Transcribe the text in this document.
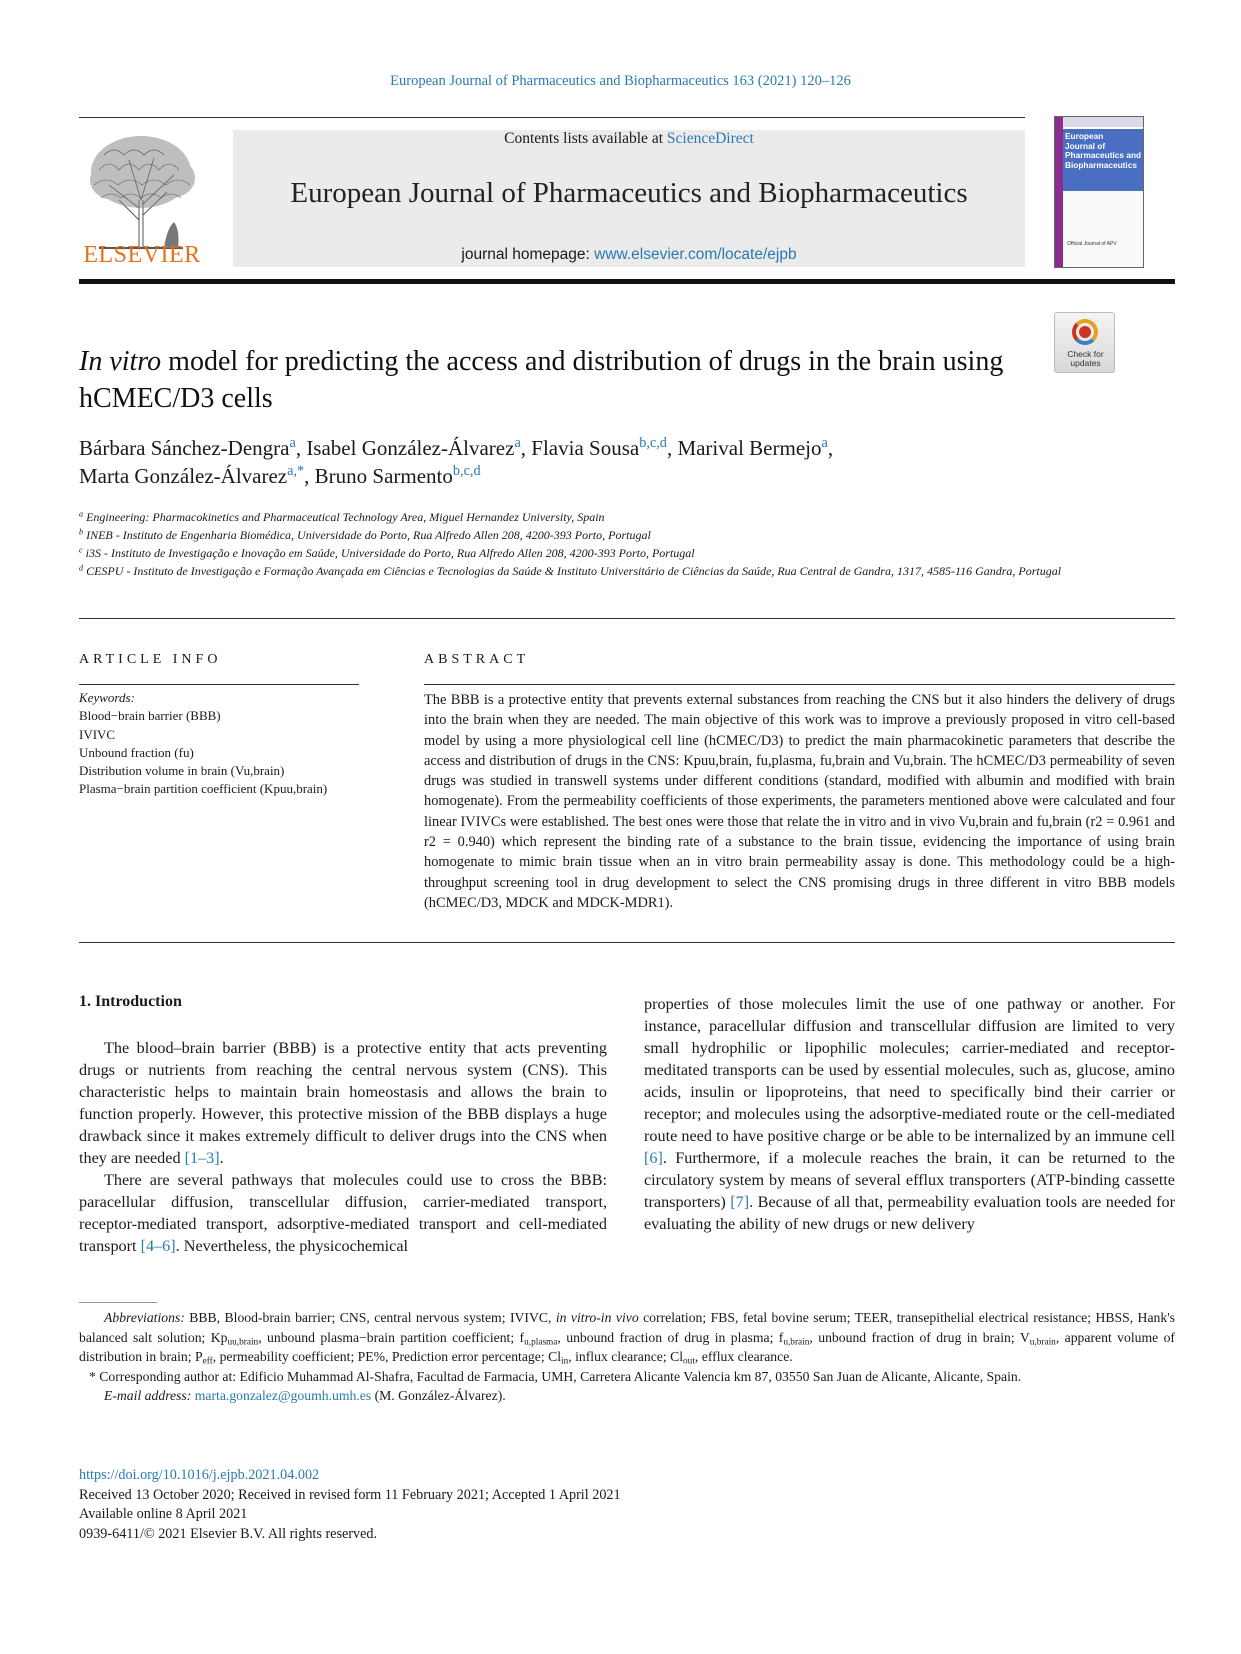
European Journal of Pharmaceutics and Biopharmaceutics 163 (2021) 120–126
ELSEVIER
Contents lists available at ScienceDirect
European Journal of Pharmaceutics and Biopharmaceutics
journal homepage: www.elsevier.com/locate/ejpb
European
Journal of
Pharmaceutics and
Biopharmaceutics
Official Journal of APV
Check for updates
In vitro model for predicting the access and distribution of drugs in the brain using hCMEC/D3 cells
Bárbara Sánchez-Dengra$^a$, Isabel González-Álvarez$^a$, Flavia Sousa$^{b,c,d}$, Marival Bermejo$^a$,
Marta González-Álvarez$^{a,*}$, Bruno Sarmento$^{b,c,d}$
$^a$ Engineering: Pharmacokinetics and Pharmaceutical Technology Area, Miguel Hernandez University, Spain
$^b$ INEB - Instituto de Engenharia Biomédica, Universidade do Porto, Rua Alfredo Allen 208, 4200-393 Porto, Portugal
$^c$ i3S - Instituto de Investigação e Inovação em Saúde, Universidade do Porto, Rua Alfredo Allen 208, 4200-393 Porto, Portugal
$^d$ CESPU - Instituto de Investigação e Formação Avançada em Ciências e Tecnologias da Saúde & Instituto Universitário de Ciências da Saúde, Rua Central de Gandra, 1317, 4585-116 Gandra, Portugal
ARTICLE INFO	ABSTRACT
Keywords:
Blood−brain barrier (BBB)
IVIVC
Unbound fraction (fu)
Distribution volume in brain (Vu,brain)
Plasma−brain partition coefficient (Kpuu,brain)
The BBB is a protective entity that prevents external substances from reaching the CNS but it also hinders the delivery of drugs into the brain when they are needed. The main objective of this work was to improve a previously proposed in vitro cell-based model by using a more physiological cell line (hCMEC/D3) to predict the main pharmacokinetic parameters that describe the access and distribution of drugs in the CNS: Kpuu,brain, fu,plasma, fu,brain and Vu,brain. The hCMEC/D3 permeability of seven drugs was studied in transwell systems under different conditions (standard, modified with albumin and modified with brain homogenate). From the permeability coefficients of those experiments, the parameters mentioned above were calculated and four linear IVIVCs were established. The best ones were those that relate the in vitro and in vivo Vu,brain and fu,brain (r2 = 0.961 and r2 = 0.940) which represent the binding rate of a substance to the brain tissue, evidencing the importance of using brain homogenate to mimic brain tissue when an in vitro brain permeability assay is done. This methodology could be a high-throughput screening tool in drug development to select the CNS promising drugs in three different in vitro BBB models (hCMEC/D3, MDCK and MDCK-MDR1).
1. Introduction

The blood–brain barrier (BBB) is a protective entity that acts preventing drugs or nutrients from reaching the central nervous system (CNS). This characteristic helps to maintain brain homeostasis and allows the brain to function properly. However, this protective mission of the BBB displays a huge drawback since it makes extremely difficult to deliver drugs into the CNS when they are needed [1–3].

There are several pathways that molecules could use to cross the BBB: paracellular diffusion, transcellular diffusion, carrier-mediated transport, receptor-mediated transport, adsorptive-mediated transport and cell-mediated transport [4–6]. Nevertheless, the physicochemical

properties of those molecules limit the use of one pathway or another. For instance, paracellular diffusion and transcellular diffusion are limited to very small hydrophilic or lipophilic molecules; carrier-mediated and receptor-meditated transports can be used by essential molecules, such as, glucose, amino acids, insulin or lipoproteins, that need to specifically bind their carrier or receptor; and molecules using the adsorptive-mediated route or the cell-mediated route need to have positive charge or be able to be internalized by an immune cell [6]. Furthermore, if a molecule reaches the brain, it can be returned to the circulatory system by means of several efflux transporters (ATP-binding cassette transporters) [7]. Because of all that, permeability evaluation tools are needed for evaluating the ability of new drugs or new delivery

Abbreviations: BBB, Blood-brain barrier; CNS, central nervous system; IVIVC, in vitro-in vivo correlation; FBS, fetal bovine serum; TEER, transepithelial electrical resistance; HBSS, Hank's balanced salt solution; $Kp_{uu,brain}$, unbound plasma−brain partition coefficient; $f_{u,plasma}$, unbound fraction of drug in plasma; $f_{u,brain}$, unbound fraction of drug in brain; $V_{u,brain}$, apparent volume of distribution in brain; $P_{eff}$, permeability coefficient; PE%, Prediction error percentage; $Cl_{in}$, influx clearance; $Cl_{out}$, efflux clearance.

* Corresponding author at: Edificio Muhammad Al-Shafra, Facultad de Farmacia, UMH, Carretera Alicante Valencia km 87, 03550 San Juan de Alicante, Alicante, Spain.

E-mail address: marta.gonzalez@goumh.umh.es (M. González-Álvarez).

https://doi.org/10.1016/j.ejpb.2021.04.002
Received 13 October 2020; Received in revised form 11 February 2021; Accepted 1 April 2021
Available online 8 April 2021
0939-6411/© 2021 Elsevier B.V. All rights reserved.
